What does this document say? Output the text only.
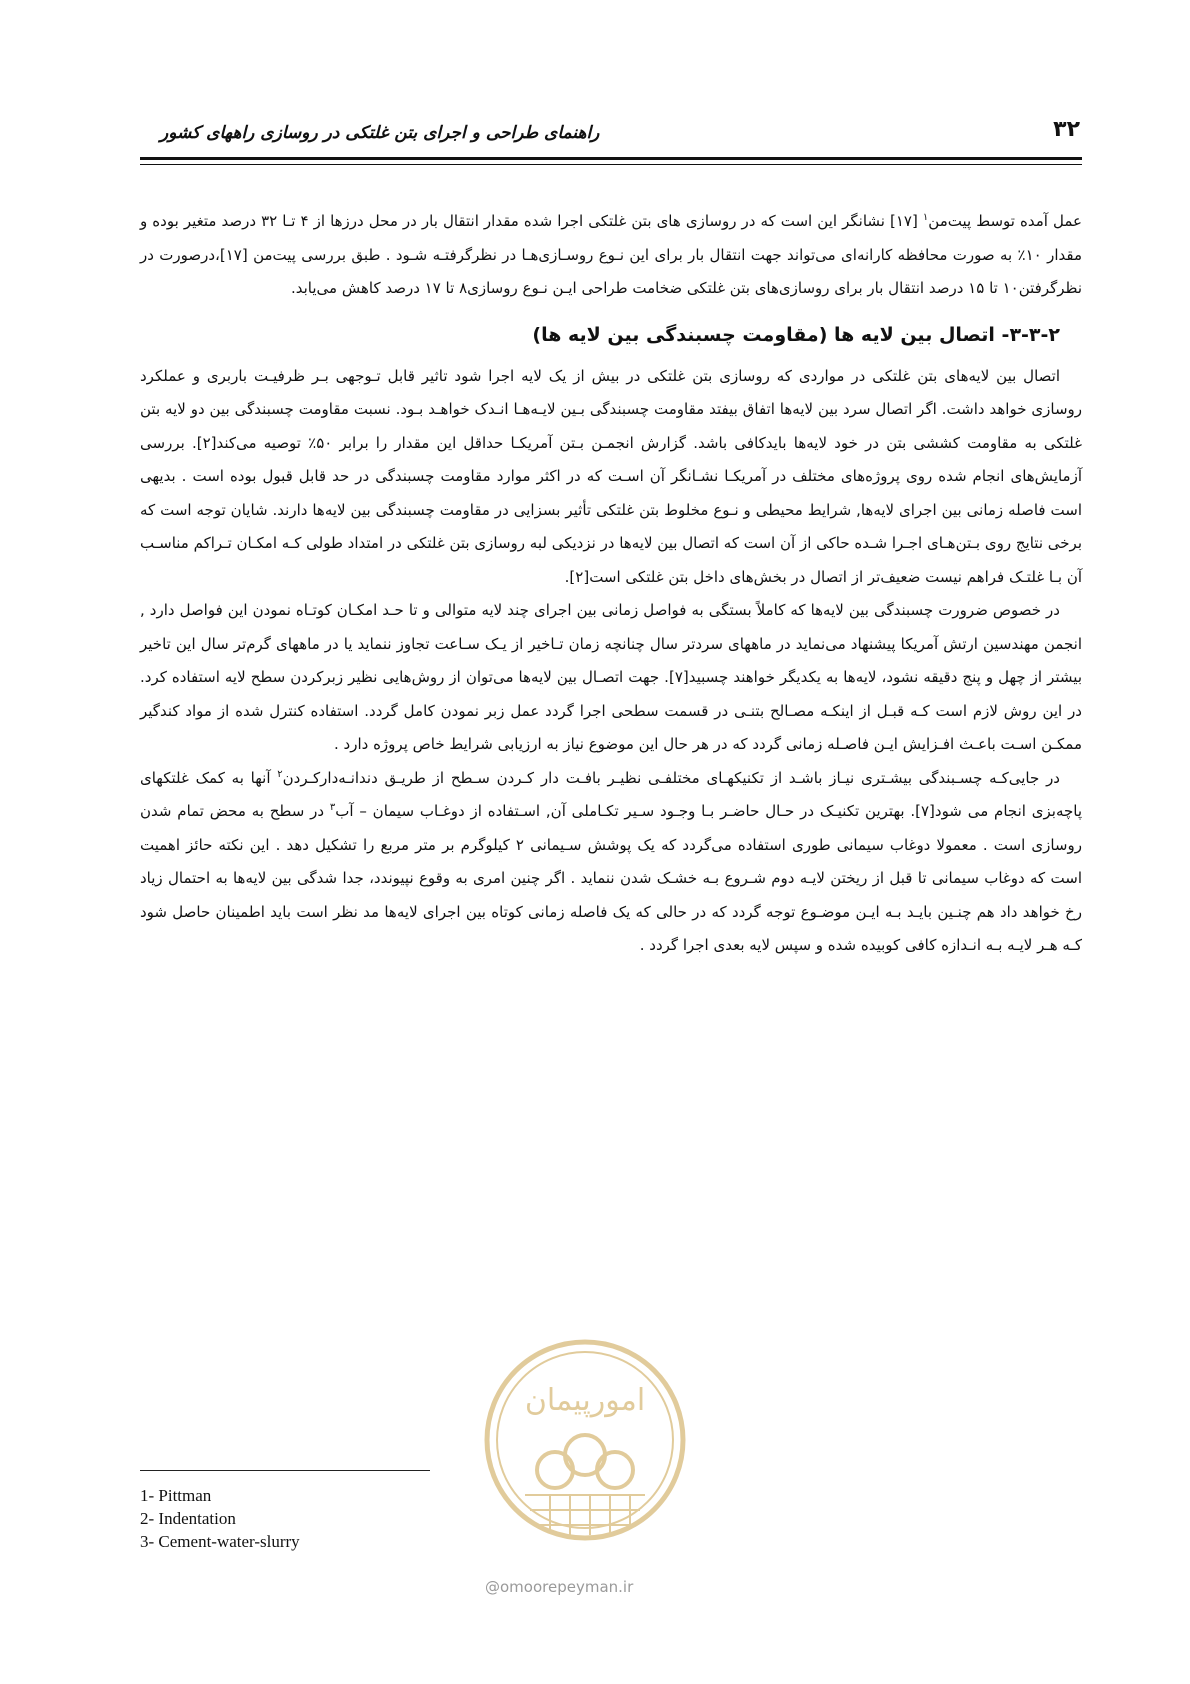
راهنمای طراحی و اجرای بتن غلتکی در روسازی راههای کشور	۳۲

عمل آمده توسط پیت‌من$^۱$ [۱۷] نشانگر این است که در روسازی های بتن غلتکی اجرا شده مقدار انتقال بار در محل درزها از ۴ تـا ۳۲ درصد متغیر بوده و مقدار ۱۰٪ به صورت محافظه کارانه‌ای می‌تواند جهت انتقال بار برای این نـوع روسـازی‌هـا در نظرگرفتـه شـود . طبق بررسی پیت‌من [۱۷]،درصورت در نظرگرفتن۱۰ تا ۱۵ درصد انتقال بار برای روسازی‌های بتن غلتکی ضخامت طراحی ایـن نـوع روسازی۸ تا ۱۷ درصد کاهش می‌یابد.

۳-۳-۲- اتصال بین لایه ها (مقاومت چسبندگی بین لایه ها)

اتصال بین لایه‌های بتن غلتکی در مواردی که روسازی بتن غلتکی در بیش از یک لایه اجرا شود تاثیر قابل تـوجهی بـر ظرفیـت باربری و عملکرد روسازی خواهد داشت. اگر اتصال سرد بین لایه‌ها اتفاق بیفتد مقاومت چسبندگی بـین لایـه‌هـا انـدک خواهـد بـود. نسبت مقاومت چسبندگی بین دو لایه بتن غلتکی به مقاومت کششی بتن در خود لایه‌ها بایدکافی باشد. گزارش انجمـن بـتن آمریکـا حداقل این مقدار را برابر ۵۰٪ توصیه می‌کند[۲]. بررسی آزمایش‌های انجام شده روی پروژه‌های مختلف در آمریکـا نشـانگر آن اسـت که در اکثر موارد مقاومت چسبندگی در حد قابل قبول بوده است . بدیهی است فاصله زمانی بین اجرای لایه‌ها, شرایط محیطی و نـوع مخلوط بتن غلتکی تأثیر بسزایی در مقاومت چسبندگی بین لایه‌ها دارند. شایان توجه است که برخی نتایج روی بـتن‌هـای اجـرا شـده حاکی از آن است که اتصال بین لایه‌ها در نزدیکی لبه روسازی بتن غلتکی در امتداد طولی کـه امکـان تـراکم مناسـب آن بـا غلتـک فراهم نیست ضعیف‌تر از اتصال در بخش‌های داخل بتن غلتکی است[۲].

در خصوص ضرورت چسبندگی بین لایه‌ها که کاملاً بستگی به فواصل زمانی بین اجرای چند لایه متوالی و تا حـد امکـان کوتـاه نمودن این فواصل دارد , انجمن مهندسین ارتش آمریکا پیشنهاد می‌نماید در ماههای سردتر سال چنانچه زمان تـاخیر از یـک سـاعت تجاوز ننماید یا در ماههای گرم‌تر سال این تاخیر بیشتر از چهل و پنج دقیقه نشود، لایه‌ها به یکدیگر خواهند چسبید[۷]. جهت اتصـال بین لایه‌ها می‌توان از روش‌هایی نظیر زبرکردن سطح لایه استفاده کرد. در این روش لازم است کـه قبـل از اینکـه مصـالح بتنـی در قسمت سطحی اجرا گردد عمل زبر نمودن کامل گردد. استفاده کنترل شده از مواد کندگیر ممکـن اسـت باعـث افـزایش ایـن فاصـله زمانی گردد که در هر حال این موضوع نیاز به ارزیابی شرایط خاص پروژه دارد .

در جایی‌کـه چسـبندگی بیشـتری نیـاز باشـد از تکنیکهـای مختلفـی نظیـر بافـت دار کـردن سـطح از طریـق دندانـه‌دارکـردن$^۲$ آنها به کمک غلتکهای پاچه‌بزی انجام می شود[۷]. بهترین تکنیـک در حـال حاضـر بـا وجـود سـیر تکـاملی آن, اسـتفاده از دوغـاب سیمان – آب$^۳$ در سطح به محض تمام شدن روسازی است . معمولا دوغاب سیمانی طوری استفاده می‌گردد که یک پوشش سـیمانی ۲ کیلوگرم بر متر مربع را تشکیل دهد . این نکته حائز اهمیت است که دوغاب سیمانی تا قبل از ریختن لایـه دوم شـروع بـه خشـک شدن ننماید . اگر چنین امری به وقوع نپیوندد، جدا شدگی بین لایه‌ها به احتمال زیاد رخ خواهد داد هم چنـین بایـد بـه ایـن موضـوع توجه گردد که در حالی که یک فاصله زمانی کوتاه بین اجرای لایه‌ها مد نظر است باید اطمینان حاصل شود کـه هـر لایـه بـه انـدازه کافی کوبیده شده و سپس لایه بعدی اجرا گردد .

امورپیمان
@omoorepeyman.ir
1- Pittman
2- Indentation
3- Cement-water-slurry
